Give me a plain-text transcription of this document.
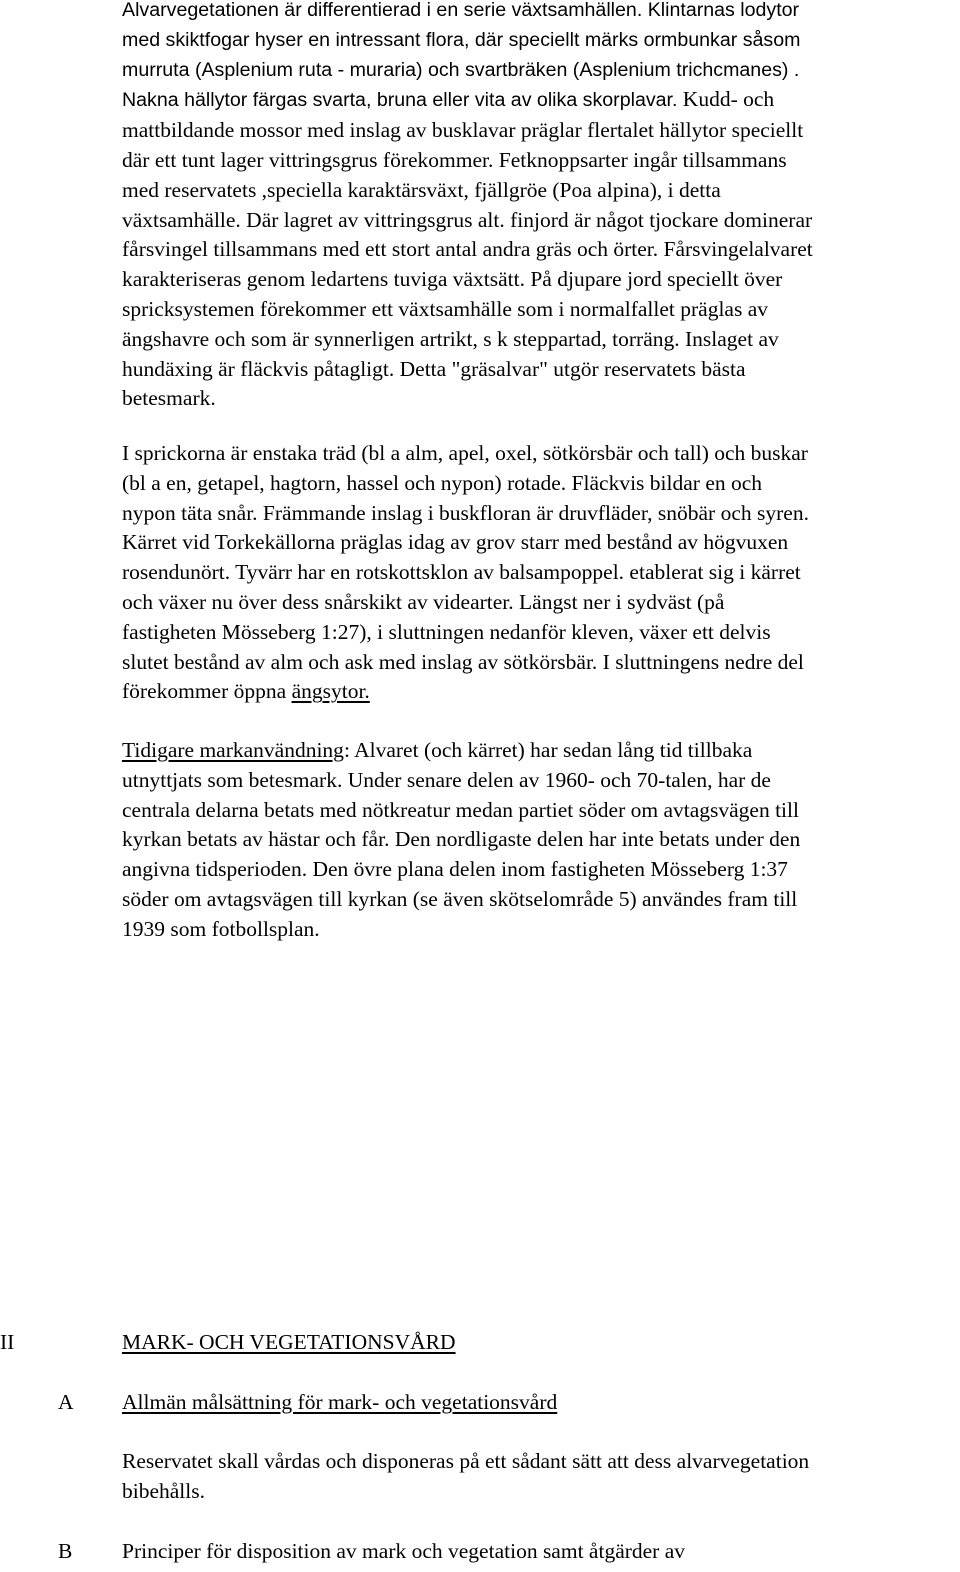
Alvarvegetationen är differentierad i en serie växtsamhällen. Klintarnas lodytor
med skiktfogar hyser en intressant flora, där speciellt märks ormbunkar såsom
murruta (Asplenium ruta - muraria) och svartbräken (Asplenium trichcmanes) .
Nakna hällytor färgas svarta, bruna eller vita av olika skorplavar. Kudd- och
mattbildande mossor med inslag av busklavar präglar flertalet hällytor speciellt
där ett tunt lager vittringsgrus förekommer. Fetknoppsarter ingår tillsammans
med reservatets ,speciella karaktärsväxt, fjällgröe (Poa alpina), i detta
växtsamhälle. Där lagret av vittringsgrus alt. finjord är något tjockare dominerar
fårsvingel tillsammans med ett stort antal andra gräs och örter. Fårsvingelalvaret
karakteriseras genom ledartens tuviga växtsätt. På djupare jord speciellt över
spricksystemen förekommer ett växtsamhälle som i normalfallet präglas av
ängshavre och som är synnerligen artrikt, s k steppartad, torräng. Inslaget av
hundäxing är fläckvis påtagligt. Detta "gräsalvar" utgör reservatets bästa
betesmark.
I sprickorna är enstaka träd (bl a alm, apel, oxel, sötkörsbär och tall) och buskar
(bl a en, getapel, hagtorn, hassel och nypon) rotade. Fläckvis bildar en och
nypon täta snår. Främmande inslag i buskfloran är druvfläder, snöbär och syren.
Kärret vid Torkekällorna präglas idag av grov starr med bestånd av högvuxen
rosendunört. Tyvärr har en rotskottsklon av balsampoppel. etablerat sig i kärret
och växer nu över dess snårskikt av videarter. Längst ner i sydväst (på
fastigheten Mösseberg 1:27), i sluttningen nedanför kleven, växer ett delvis
slutet bestånd av alm och ask med inslag av sötkörsbär. I sluttningens nedre del
förekommer öppna ängsytor.
Tidigare markanvändning: Alvaret (och kärret) har sedan lång tid tillbaka
utnyttjats som betesmark. Under senare delen av 1960- och 70-talen, har de
centrala delarna betats med nötkreatur medan partiet söder om avtagsvägen till
kyrkan betats av hästar och får. Den nordligaste delen har inte betats under den
angivna tidsperioden. Den övre plana delen inom fastigheten Mösseberg 1:37
söder om avtagsvägen till kyrkan (se även skötselområde 5) användes fram till
1939 som fotbollsplan.
II	MARK- OCH VEGETATIONSVÅRD
A Allmän målsättning för mark- och vegetationsvård
Reservatet skall vårdas och disponeras på ett sådant sätt att dess alvarvegetation
bibehålls.
B Principer för disposition av mark och vegetation samt åtgärder av
